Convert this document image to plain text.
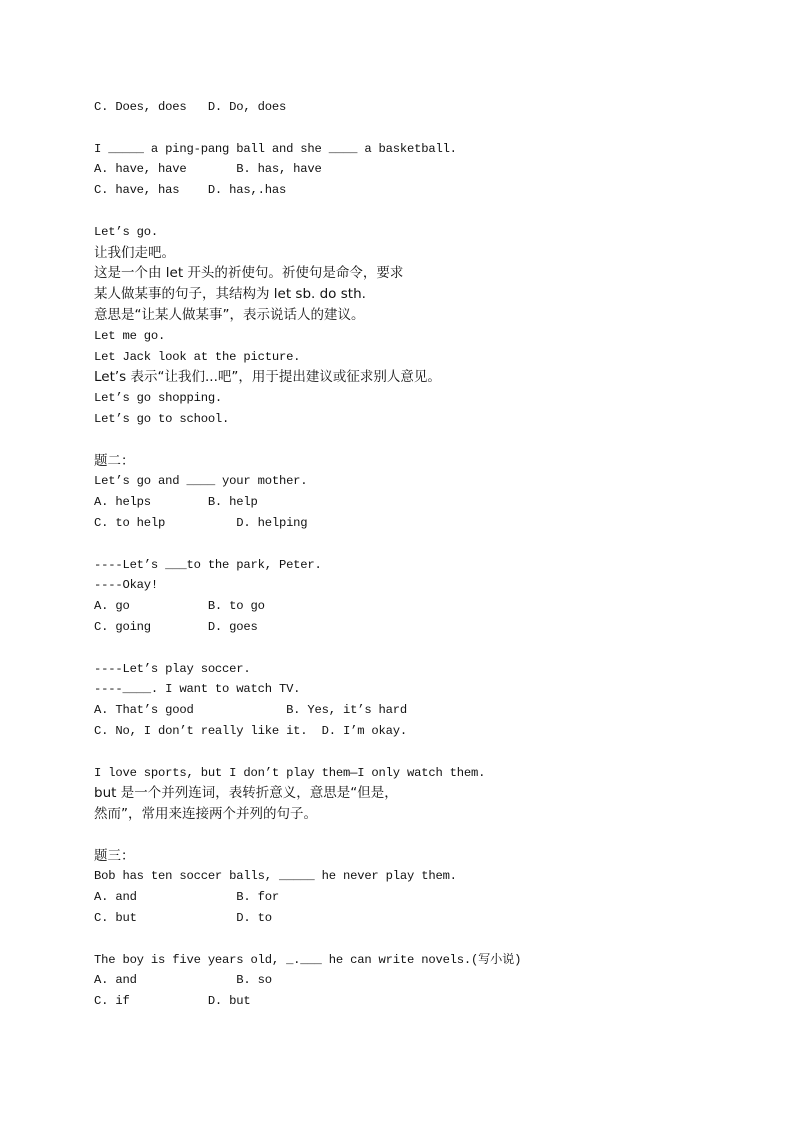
C. Does, does   D. Do, does
I _____ a ping-pang ball and she ____ a basketball.
A. have, have       B. has, have
C. have, has    D. has,.has
Let’s go.
让我们走吧。
这是一个由 let 开头的祈使句。祈使句是命令，要求
某人做某事的句子，其结构为 let sb. do sth.
意思是“让某人做某事”，表示说话人的建议。
Let me go.
Let Jack look at the picture.
Let’s 表示“让我们...吧”，用于提出建议或征求别人意见。
Let’s go shopping.
Let’s go to school.
题二：
Let’s go and ____ your mother.
A. helps        B. help
C. to help          D. helping
----Let’s ___to the park, Peter.
----Okay!
A. go           B. to go
C. going        D. goes
----Let’s play soccer.
----____. I want to watch TV.
A. That’s good             B. Yes, it’s hard
C. No, I don’t really like it.  D. I’m okay.
I love sports, but I don’t play them—I only watch them.
but 是一个并列连词，表转折意义，意思是“但是，
然而”，常用来连接两个并列的句子。
题三：
Bob has ten soccer balls, _____ he never play them.
A. and              B. for
C. but              D. to
The boy is five years old, _.___ he can write novels.(写小说)
A. and              B. so
C. if           D. but
